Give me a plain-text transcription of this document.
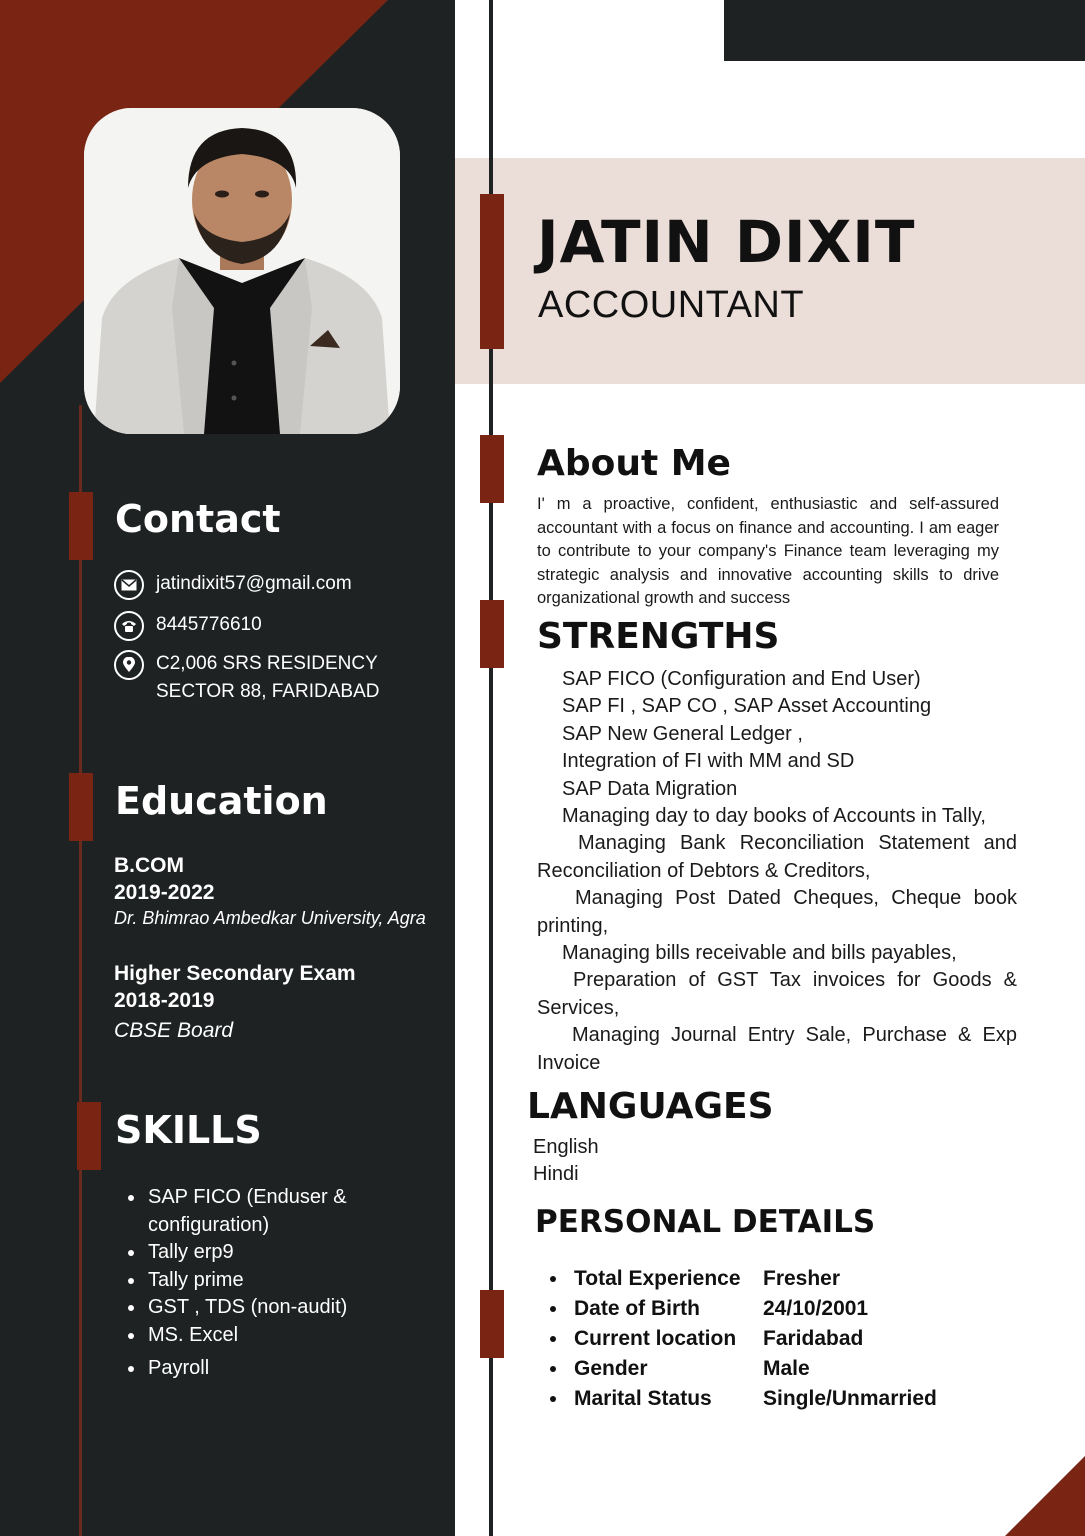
Contact
jatindixit57@gmail.com
8445776610
C2,006 SRS RESIDENCY
SECTOR 88, FARIDABAD
Education
B.COM
2019-2022
Dr. Bhimrao Ambedkar University, Agra
Higher Secondary Exam
2018-2019
CBSE Board
SKILLS
SAP FICO (Enduser & configuration)
Tally erp9
Tally prime
GST , TDS (non-audit)
MS. Excel
Payroll
JATIN DIXIT
ACCOUNTANT
About Me
I' m a proactive, confident, enthusiastic and self-assured accountant with a focus on finance and accounting. I am eager to contribute to your company's Finance team leveraging my strategic analysis and innovative accounting skills to drive organizational growth and success
STRENGTHS
SAP FICO (Configuration and End User)
SAP FI , SAP CO , SAP Asset Accounting
SAP New General Ledger ,
Integration of FI with MM and SD
SAP Data Migration
Managing day to day books of Accounts in Tally,
Managing Bank Reconciliation Statement and Reconciliation of Debtors & Creditors,
Managing Post Dated Cheques, Cheque book printing,
Managing bills receivable and bills payables,
Preparation of GST Tax invoices for Goods & Services,
Managing Journal Entry Sale, Purchase & Exp Invoice
LANGUAGES
English
Hindi
PERSONAL DETAILS
Total Experience	Fresher
Date of Birth	24/10/2001
Current location	Faridabad
Gender	Male
Marital Status	Single/Unmarried
